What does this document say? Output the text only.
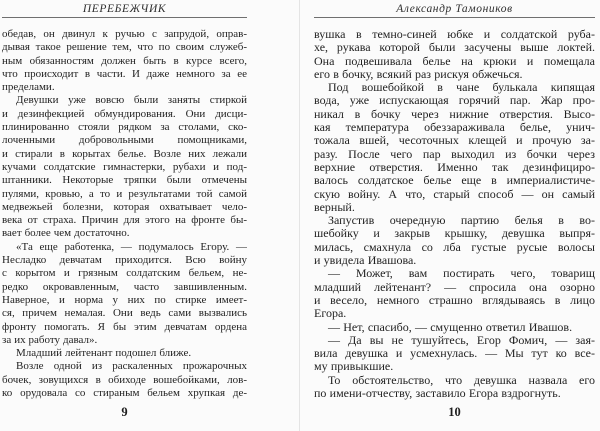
ПЕРЕБЕЖЧИК
обедав, он двинул к ручью с запрудой, оправ-
дывая такое решение тем, что по своим служеб-
ным обязанностям должен быть в курсе всего,
что происходит в части. И даже немного за ее
пределами.
Девушки уже вовсю были заняты стиркой
и дезинфекцией обмундирования. Они дисци-
плинированно стояли рядком за столами, ско-
лоченными добровольными помощниками,
и стирали в корытах белье. Возле них лежали
кучами солдатские гимнастерки, рубахи и под-
штанники. Некоторые тряпки были отмечены
пулями, кровью, а то и результатами той самой
медвежьей болезни, которая охватывает чело-
века от страха. Причин для этого на фронте бы-
вает более чем достаточно.
«Та еще работенка, — подумалось Егору. —
Несладко девчатам приходится. Всю войну
с корытом и грязным солдатским бельем, не-
редко окровавленным, часто завшивленным.
Наверное, и норма у них по стирке имеет-
ся, причем немалая. Они ведь сами вызвались
фронту помогать. Я бы этим девчатам ордена
за их работу давал».
Младший лейтенант подошел ближе.
Возле одной из раскаленных прожарочных
бочек, зовущихся в обиходе вошебойками, лов-
ко орудовала со стираным бельем хрупкая де-
9
Александр Тамоников
вушка в темно-синей юбке и солдатской руба-
хе, рукава которой были засучены выше локтей.
Она подвешивала белье на крюки и помещала
его в бочку, всякий раз рискуя обжечься.
Под вошебойкой в чане булькала кипящая
вода, уже испускающая горячий пар. Жар про-
никал в бочку через нижние отверстия. Высо-
кая температура обеззараживала белье, унич-
тожала вшей, чесоточных клещей и прочую за-
разу. После чего пар выходил из бочки через
верхние отверстия. Именно так дезинфициро-
валось солдатское белье еще в империалистиче-
скую войну. А что, старый способ — он самый
верный.
Запустив очередную партию белья в во-
шебойку и закрыв крышку, девушка выпря-
милась, смахнула со лба густые русые волосы
и увидела Ивашова.
— Может, вам постирать чего, товарищ
младший лейтенант? — спросила она озорно
и весело, немного страшно вглядываясь в лицо
Егора.
— Нет, спасибо, — смущенно ответил Ивашов.
— Да вы не тушуйтесь, Егор Фомич, — зая-
вила девушка и усмехнулась. — Мы тут ко все-
му привыкшие.
То обстоятельство, что девушка назвала его
по имени-отчеству, заставило Егора вздрогнуть.
10
